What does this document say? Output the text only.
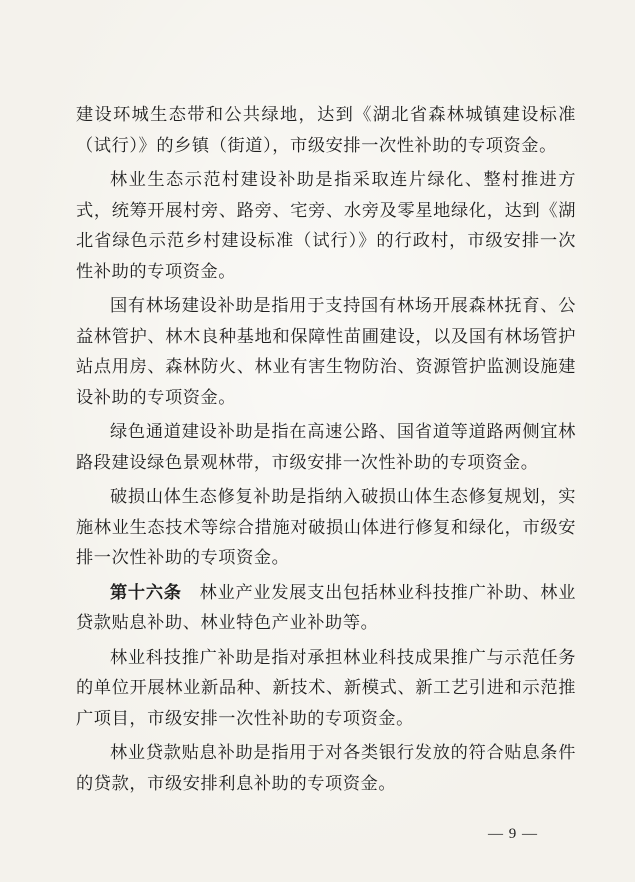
建设环城生态带和公共绿地，达到《湖北省森林城镇建设标准（试行）》的乡镇（街道），市级安排一次性补助的专项资金。

林业生态示范村建设补助是指采取连片绿化、整村推进方式，统筹开展村旁、路旁、宅旁、水旁及零星地绿化，达到《湖北省绿色示范乡村建设标准（试行）》的行政村，市级安排一次性补助的专项资金。

国有林场建设补助是指用于支持国有林场开展森林抚育、公益林管护、林木良种基地和保障性苗圃建设，以及国有林场管护站点用房、森林防火、林业有害生物防治、资源管护监测设施建设补助的专项资金。

绿色通道建设补助是指在高速公路、国省道等道路两侧宜林路段建设绿色景观林带，市级安排一次性补助的专项资金。

破损山体生态修复补助是指纳入破损山体生态修复规划，实施林业生态技术等综合措施对破损山体进行修复和绿化，市级安排一次性补助的专项资金。

第十六条　林业产业发展支出包括林业科技推广补助、林业贷款贴息补助、林业特色产业补助等。

林业科技推广补助是指对承担林业科技成果推广与示范任务的单位开展林业新品种、新技术、新模式、新工艺引进和示范推广项目，市级安排一次性补助的专项资金。

林业贷款贴息补助是指用于对各类银行发放的符合贴息条件的贷款，市级安排利息补助的专项资金。

— 9 —
